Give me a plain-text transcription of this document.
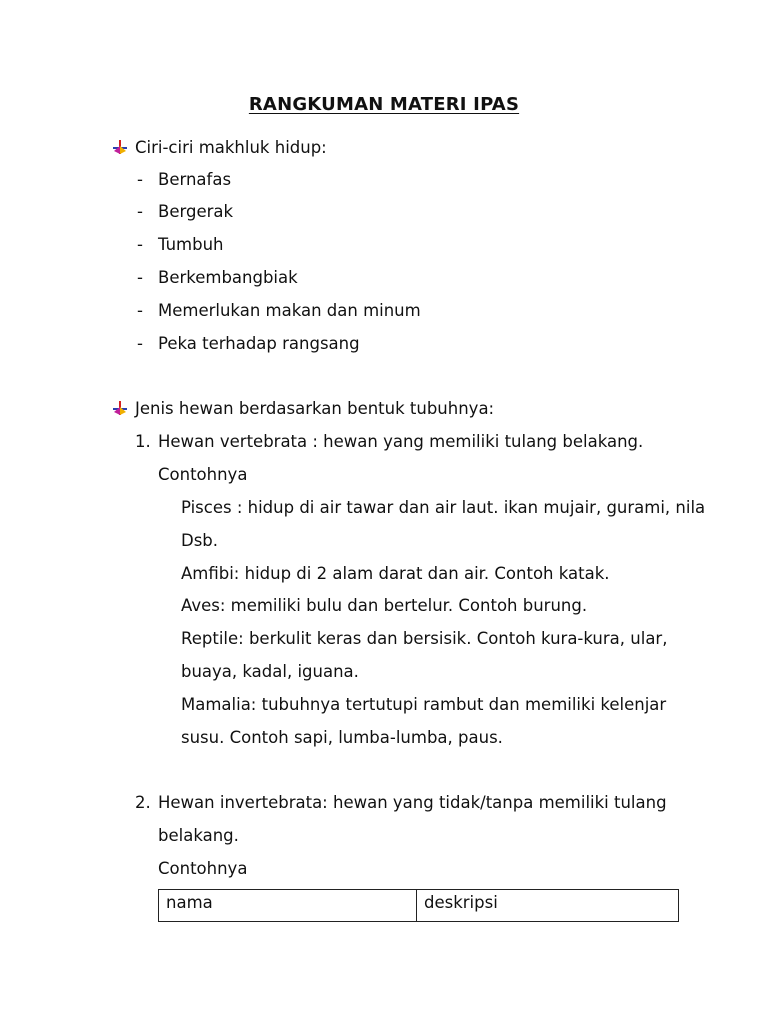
RANGKUMAN MATERI IPAS
Ciri-ciri makhluk hidup:
- Bernafas
- Bergerak
- Tumbuh
- Berkembangbiak
- Memerlukan makan dan minum
- Peka terhadap rangsang
Jenis hewan berdasarkan bentuk tubuhnya:
1. Hewan vertebrata : hewan yang memiliki tulang belakang.
Contohnya
Pisces : hidup di air tawar dan air laut. ikan mujair, gurami, nila
Dsb.
Amfibi: hidup di 2 alam darat dan air. Contoh katak.
Aves: memiliki bulu dan bertelur. Contoh burung.
Reptile: berkulit keras dan bersisik. Contoh kura-kura, ular,
buaya, kadal, iguana.
Mamalia: tubuhnya tertutupi rambut dan memiliki kelenjar
susu. Contoh sapi, lumba-lumba, paus.
2. Hewan invertebrata: hewan yang tidak/tanpa memiliki tulang
belakang.
Contohnya
nama	deskripsi
